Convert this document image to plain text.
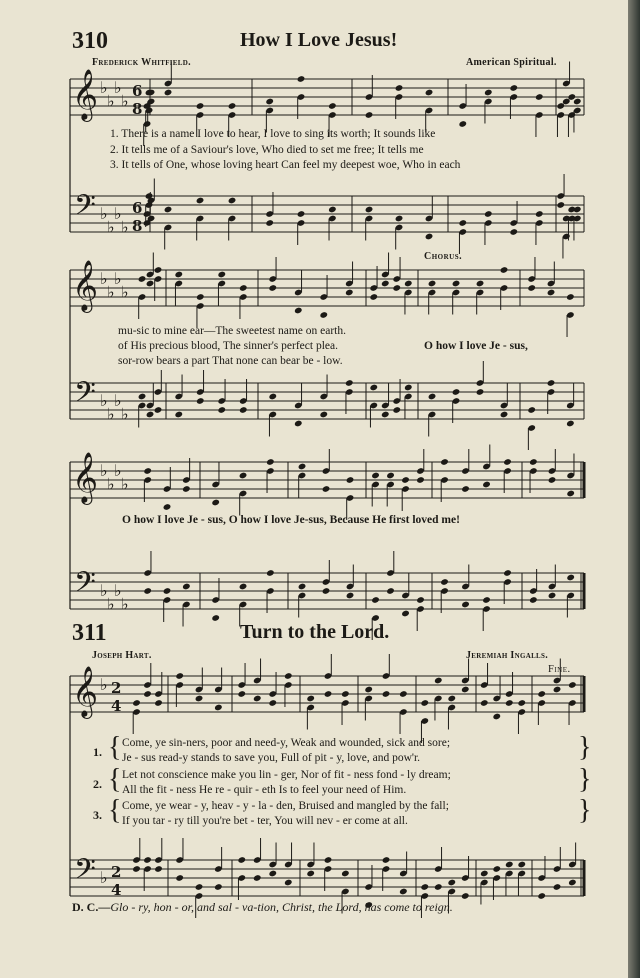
𝄞
𝄢
♭
♭
♭
♭
♭
♭
♭
♭
6
8
6
8
𝄞
𝄢
♭
♭
♭
♭
♭
♭
♭
♭
𝄞
𝄢
♭
♭
♭
♭
♭
♭
♭
♭
𝄞
𝄢
♭
♭
2
4
2
4
310	How I Love Jesus!
Frederick Whitfield.	American Spiritual.
1. There is a name I love to hear, I love to sing its worth; It sounds like
2. It tells me of a Saviour's love, Who died to set me free; It tells me
3. It tells of One, whose loving heart Can feel my deepest woe, Who in each
Chorus.
mu-sic to mine ear—The sweetest name on earth.
of His precious blood, The sinner's perfect plea.
sor-row bears a part That none can bear be - low.
O how I love Je - sus,
O how I love Je - sus, O how I love Je-sus, Because He first loved me!
311	Turn to the Lord.
Joseph Hart.	Jeremiah Ingalls.
Fine.
1. { Come, ye sin-ners, poor and need-y, Weak and wounded, sick and sore;
Je - sus read-y stands to save you, Full of pit - y, love, and pow'r.	}
2. { Let not conscience make you lin - ger, Nor of fit - ness fond - ly dream;
All the fit - ness He re - quir - eth Is to feel your need of Him.	}
3. { Come, ye wear - y, heav - y - la - den, Bruised and mangled by the fall;
If you tar - ry till you're bet - ter, You will nev - er come at all.	}
D. C.—Glo - ry, hon - or, and sal - va-tion, Christ, the Lord, has come to reign.
